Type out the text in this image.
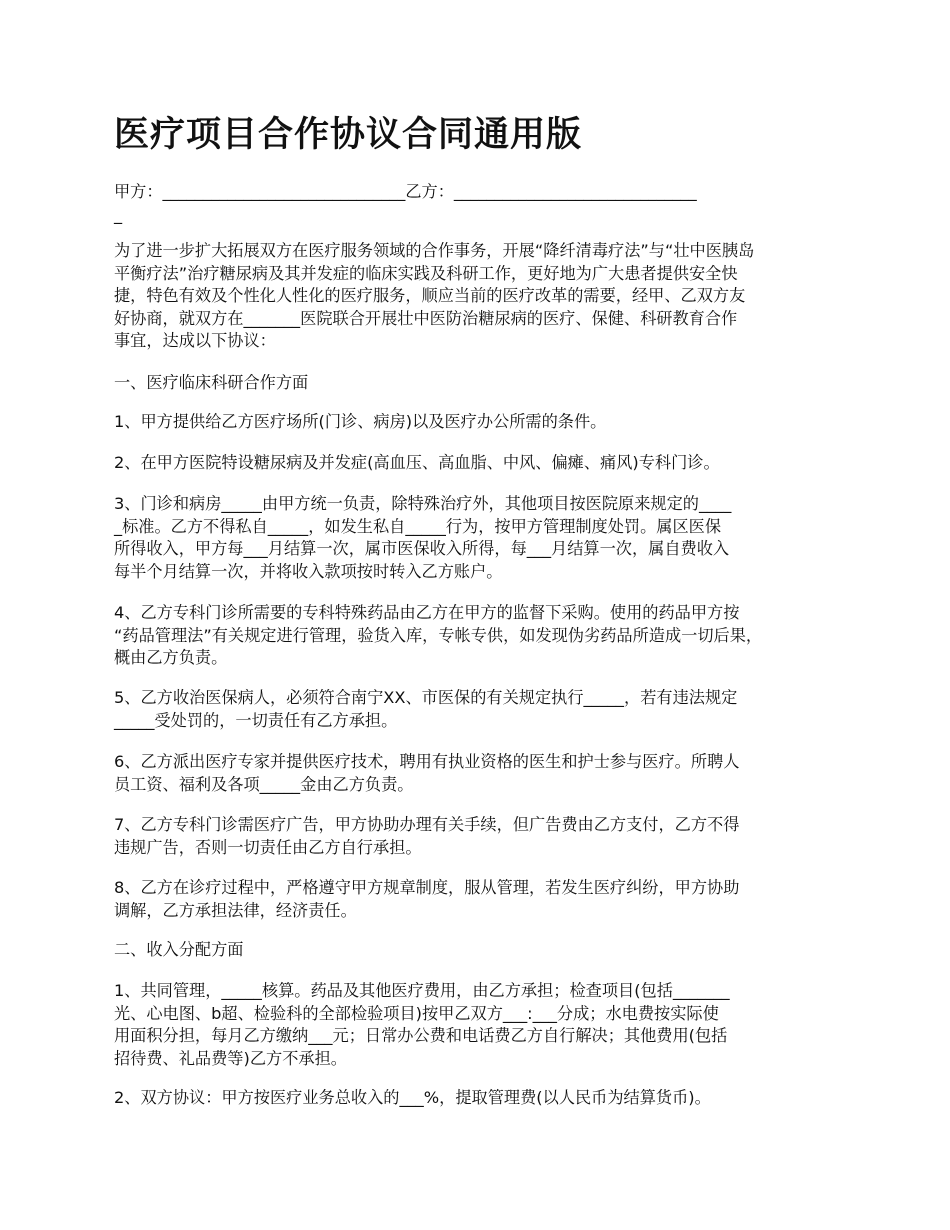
医疗项目合作协议合同通用版
甲方：______________________________乙方：______________________________
_
为了进一步扩大拓展双方在医疗服务领域的合作事务，开展“降纤清毒疗法”与“壮中医胰岛
平衡疗法”治疗糖尿病及其并发症的临床实践及科研工作，更好地为广大患者提供安全快
捷，特色有效及个性化人性化的医疗服务，顺应当前的医疗改革的需要，经甲、乙双方友
好协商，就双方在_______医院联合开展壮中医防治糖尿病的医疗、保健、科研教育合作
事宜，达成以下协议：
一、医疗临床科研合作方面
1、甲方提供给乙方医疗场所(门诊、病房)以及医疗办公所需的条件。
2、在甲方医院特设糖尿病及并发症(高血压、高血脂、中风、偏瘫、痛风)专科门诊。
3、门诊和病房_____由甲方统一负责，除特殊治疗外，其他项目按医院原来规定的____
_标准。乙方不得私自_____，如发生私自_____行为，按甲方管理制度处罚。属区医保
所得收入，甲方每___月结算一次，属市医保收入所得，每___月结算一次，属自费收入
每半个月结算一次，并将收入款项按时转入乙方账户。
4、乙方专科门诊所需要的专科特殊药品由乙方在甲方的监督下采购。使用的药品甲方按
“药品管理法”有关规定进行管理，验货入库，专帐专供，如发现伪劣药品所造成一切后果，
概由乙方负责。
5、乙方收治医保病人，必须符合南宁XX、市医保的有关规定执行_____，若有违法规定
_____受处罚的，一切责任有乙方承担。
6、乙方派出医疗专家并提供医疗技术，聘用有执业资格的医生和护士参与医疗。所聘人
员工资、福利及各项_____金由乙方负责。
7、乙方专科门诊需医疗广告，甲方协助办理有关手续，但广告费由乙方支付，乙方不得
违规广告，否则一切责任由乙方自行承担。
8、乙方在诊疗过程中，严格遵守甲方规章制度，服从管理，若发生医疗纠纷，甲方协助
调解，乙方承担法律，经济责任。
二、收入分配方面
1、共同管理，_____核算。药品及其他医疗费用，由乙方承担；检查项目(包括_______
光、心电图、b超、检验科的全部检验项目)按甲乙双方___:___分成；水电费按实际使
用面积分担，每月乙方缴纳___元；日常办公费和电话费乙方自行解决；其他费用(包括
招待费、礼品费等)乙方不承担。
2、双方协议：甲方按医疗业务总收入的___%，提取管理费(以人民币为结算货币)。
